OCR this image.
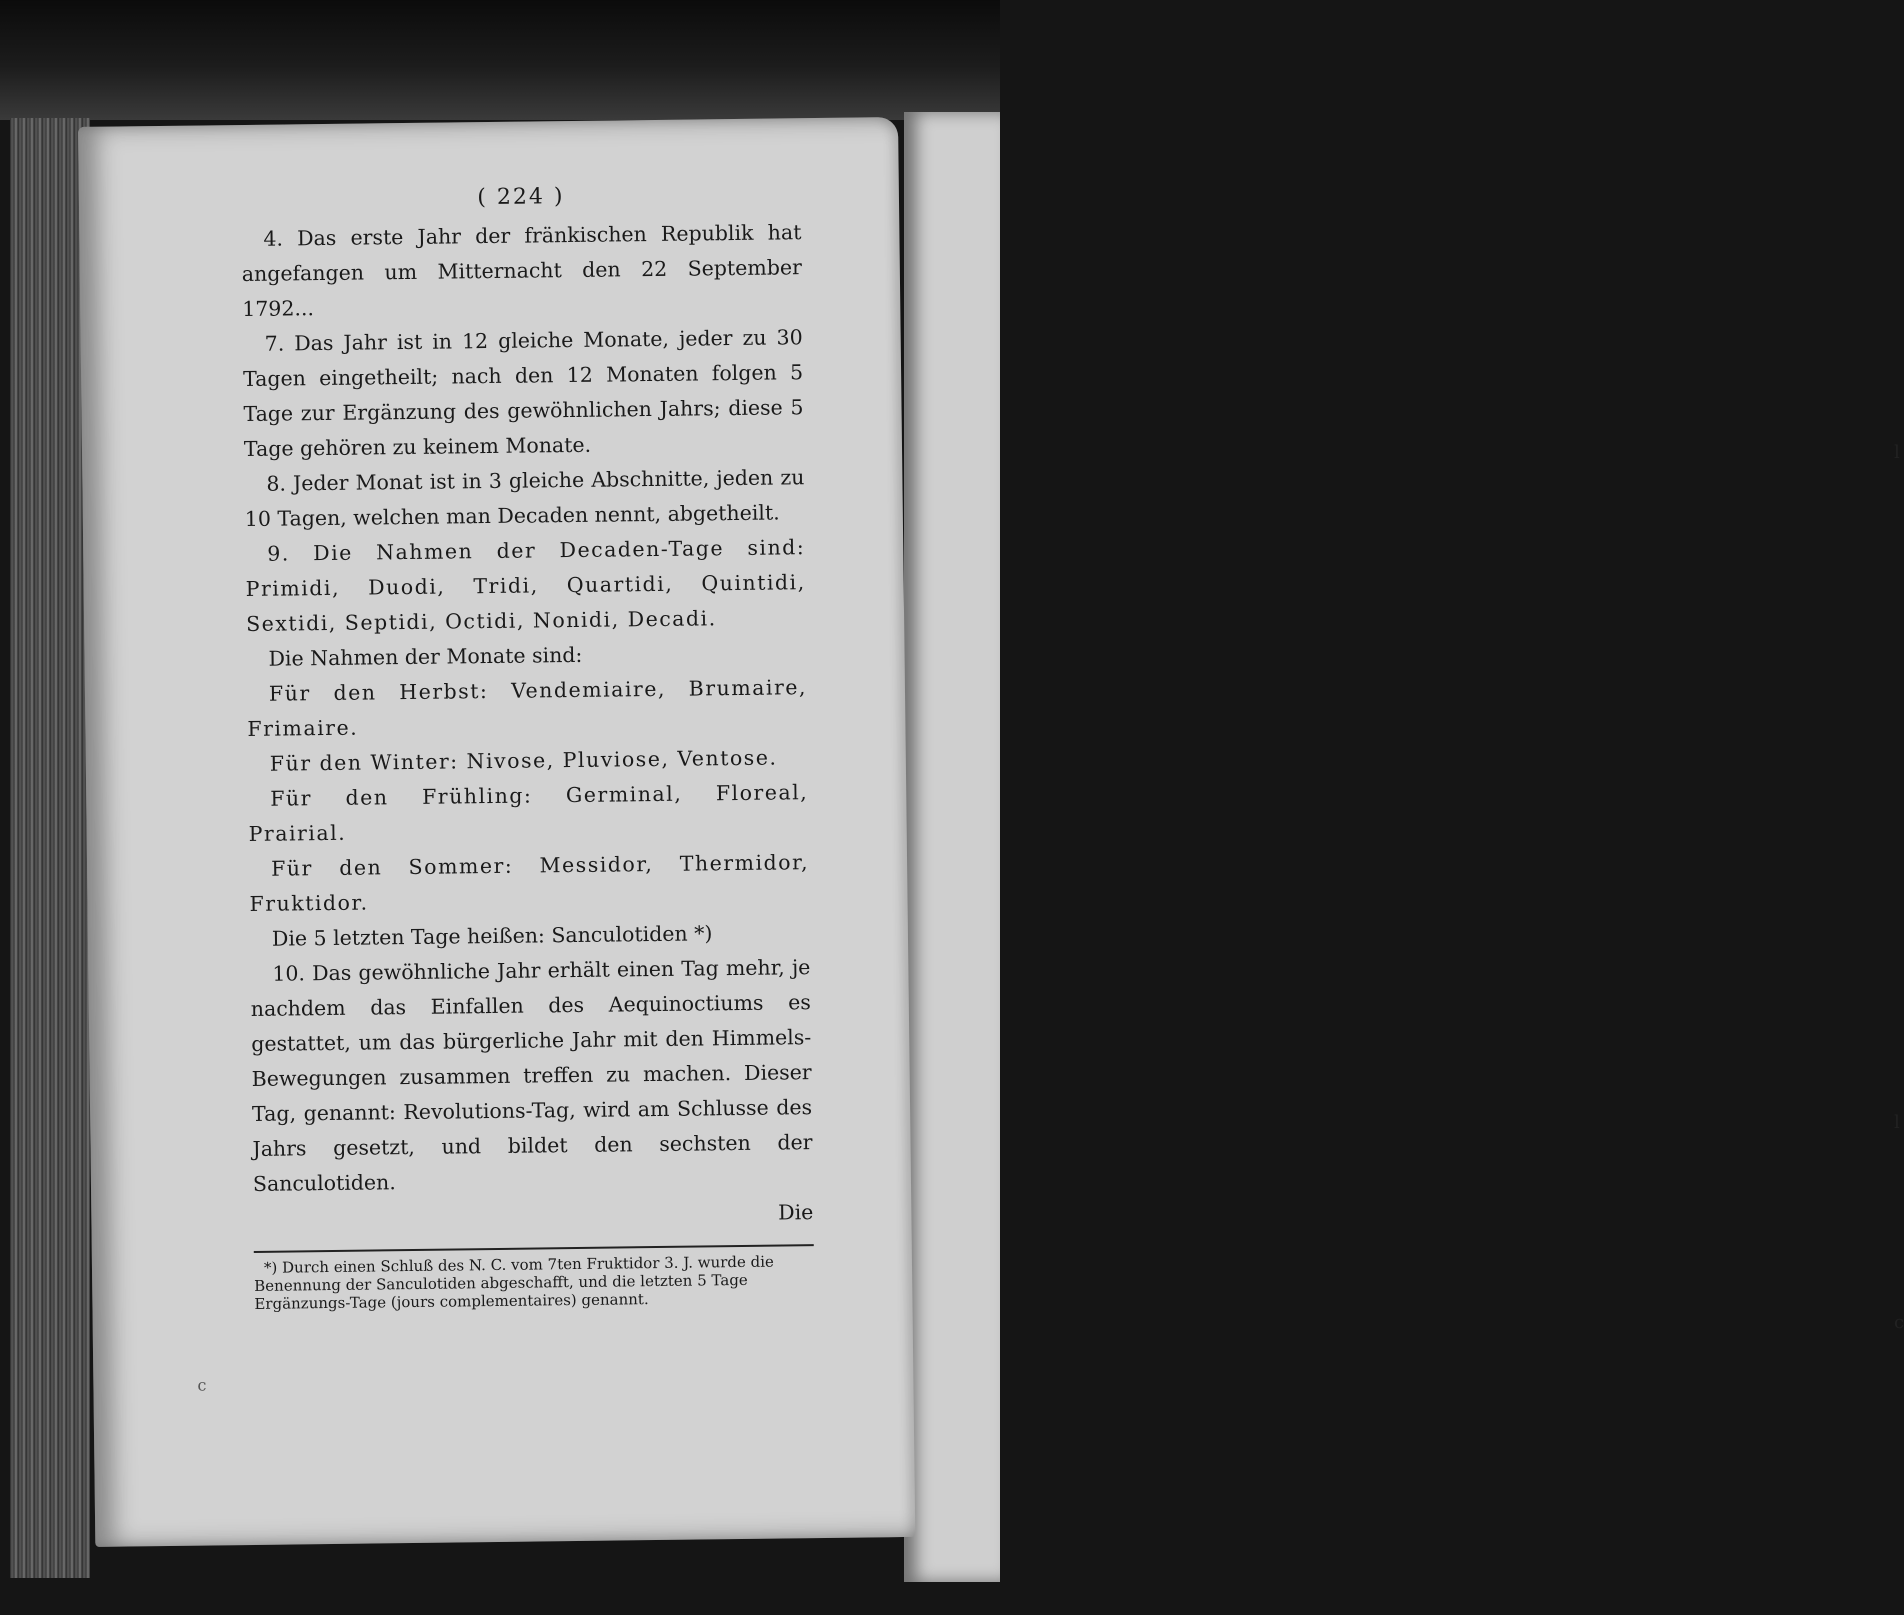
l
l
c
( 224 )

4. Das erste Jahr der fränkischen Republik hat angefangen um Mitternacht den 22 September 1792...

7. Das Jahr ist in 12 gleiche Monate, jeder zu 30 Tagen eingetheilt; nach den 12 Monaten folgen 5 Tage zur Ergänzung des gewöhnlichen Jahrs; diese 5 Tage gehören zu keinem Monate.

8. Jeder Monat ist in 3 gleiche Abschnitte, jeden zu 10 Tagen, welchen man Decaden nennt, abgetheilt.

9. Die Nahmen der Decaden-Tage sind: Primidi, Duodi, Tridi, Quartidi, Quintidi, Sextidi, Septidi, Octidi, Nonidi, Decadi.

Die Nahmen der Monate sind:

Für den Herbst: Vendemiaire, Brumaire, Frimaire.

Für den Winter: Nivose, Pluviose, Ventose.

Für den Frühling: Germinal, Floreal, Prairial.

Für den Sommer: Messidor, Thermidor, Fruktidor.

Die 5 letzten Tage heißen: Sanculotiden *)

10. Das gewöhnliche Jahr erhält einen Tag mehr, je nachdem das Einfallen des Aequinoctiums es gestattet, um das bürgerliche Jahr mit den Himmels-Bewegungen zusammen treffen zu machen. Dieser Tag, genannt: Revolutions-Tag, wird am Schlusse des Jahrs gesetzt, und bildet den sechsten der Sanculotiden.

Die

*) Durch einen Schluß des N. C. vom 7ten Fruktidor 3. J. wurde die Benennung der Sanculotiden abgeschafft, und die letzten 5 Tage Ergänzungs-Tage (jours complementaires) genannt.

c
